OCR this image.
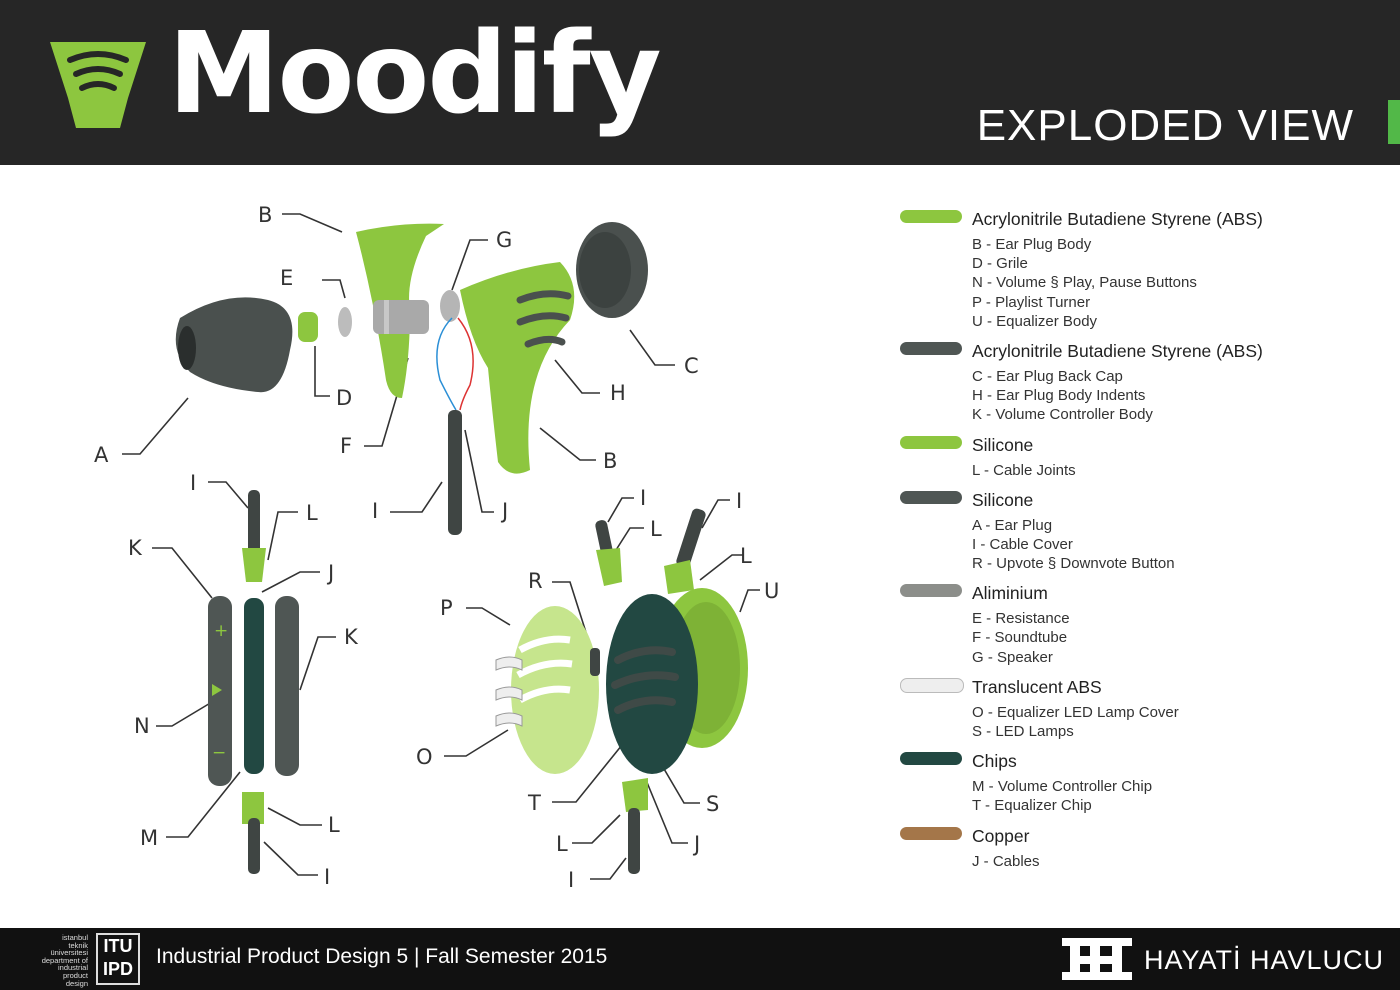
Moodify	EXPLODED VIEW
+
−
B
E
D
A	F
G
C
H
B
I	J
I
L
J
K
K
N
M
L
I
I
L
I
L
R
P
U
O
T	S
L	J
I
Acrylonitrile Butadiene Styrene (ABS)
B - Ear Plug Body
D - Grile
N - Volume § Play, Pause Buttons
P - Playlist Turner
U - Equalizer Body
Acrylonitrile Butadiene Styrene (ABS)
C - Ear Plug Back Cap
H - Ear Plug Body Indents
K - Volume Controller Body
Silicone
L - Cable Joints
Silicone
A - Ear Plug
I - Cable Cover
R - Upvote § Downvote Button
Aliminium
E - Resistance
F - Soundtube
G - Speaker
Translucent ABS
O - Equalizer LED Lamp Cover
S - LED Lamps
Chips
M - Volume Controller Chip
T - Equalizer Chip
Copper
J - Cables
istanbul
teknik
üniversitesi
department of
industrial
product
design
ITU
IPD
Industrial Product Design 5 | Fall Semester 2015	HAYATİ HAVLUCU
